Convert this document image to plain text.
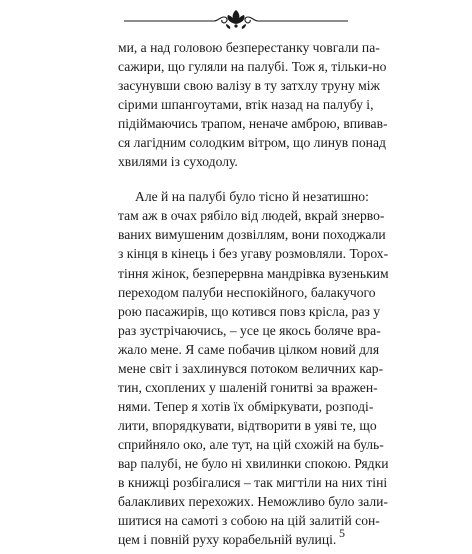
ми, а над головою безперестанку човгали па-
сажири, що гуляли на палубі. Тож я, тільки-но
засунувши свою валізу в ту затхлу труну між
сірими шпангоутами, втік назад на палубу і,
підіймаючись трапом, неначе амброю, впивав-
ся лагідним солодким вітром, що линув понад
хвилями із суходолу.

Але й на палубі було тісно й незатишно:
там аж в очах рябіло від людей, вкрай знерво-
ваних вимушеним дозвіллям, вони походжали
з кінця в кінець і без угаву розмовляли. Торох-
тіння жінок, безперервна мандрівка вузеньким
переходом палуби неспокійного, балакучого
рою пасажирів, що котився повз крісла, раз у
раз зустрічаючись, – усе це якось боляче вра-
жало мене. Я саме побачив цілком новий для
мене світ і захлинувся потоком величних кар-
тин, схоплених у шаленій гонитві за вражен-
нями. Тепер я хотів їх обміркувати, розподі-
лити, впорядкувати, відтворити в уяві те, що
сприйняло око, але тут, на цій схожій на буль-
вар палубі, не було ні хвилинки спокою. Рядки
в книжці розбігалися – так мигтіли на них тіні
балакливих перехожих. Неможливо було зали-
шитися на самоті з собою на цій залитій сон-
цем і повній руху корабельній вулиці. 5
